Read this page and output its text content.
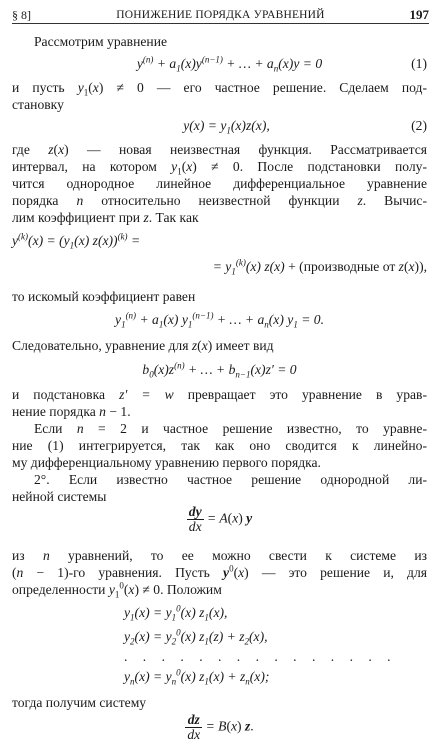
§ 8]	ПОНИЖЕНИЕ ПОРЯДКА УРАВНЕНИЙ	197
Рассмотрим уравнение
$y^{(n)} + a_1(x)y^{(n-1)}$ + … + $a_n(x)y = 0$	(1)
и пусть $y_1(x) \ne 0$ — его частное решение. Сделаем под-
становку
$y(x) = y_1(x)z(x)$,	(2)
где z(x) — новая неизвестная функция. Рассматривается
интервал, на котором $y_1(x) \ne 0$. После подстановки полу-
чится однородное линейное дифференциальное уравнение
порядка n относительно неизвестной функции z. Вычис-
лим коэффициент при z. Так как
$y^{(k)}(x) = (y_1(x) z(x))^{(k)}$ =
= $y_1^{(k)}(x) z(x)$ + (производные от z(x)),
то искомый коэффициент равен
$y_1^{(n)} + a_1(x) y_1^{(n-1)}$ + … + $a_n(x) y_1 = 0$.
Следовательно, уравнение для z(x) имеет вид
$b_0(x)z^{(n)}$ + … + $b_{n-1}(x)z' = 0$
и подстановка z′ = w превращает это уравнение в урав-
нение порядка n − 1.
Если n = 2 и частное решение известно, то уравне-
ние (1) интегрируется, так как оно сводится к линейно-
му дифференциальному уравнению первого порядка.
2°. Если известно частное решение однородной ли-
нейной системы
$\frac{dy}{dx} = A(x)$ y
из n уравнений, то ее можно свести к системе из
(n − 1)-го уравнения. Пусть $y^0(x)$ — это решение и, для
определенности $y_1^0(x) \ne 0$. Положим
$y_1(x) = y_1^0(x)$ $z_1(x)$,
$y_2(x) = y_2^0(x) z_1(z) + z_2(x)$,
. . . . . . . . . . . . . . .
$y_n(x) = y_n^0(x) z_1(x) + z_n(x)$;
тогда получим систему
$\frac{dz}{dx} = B(x)$ z.
